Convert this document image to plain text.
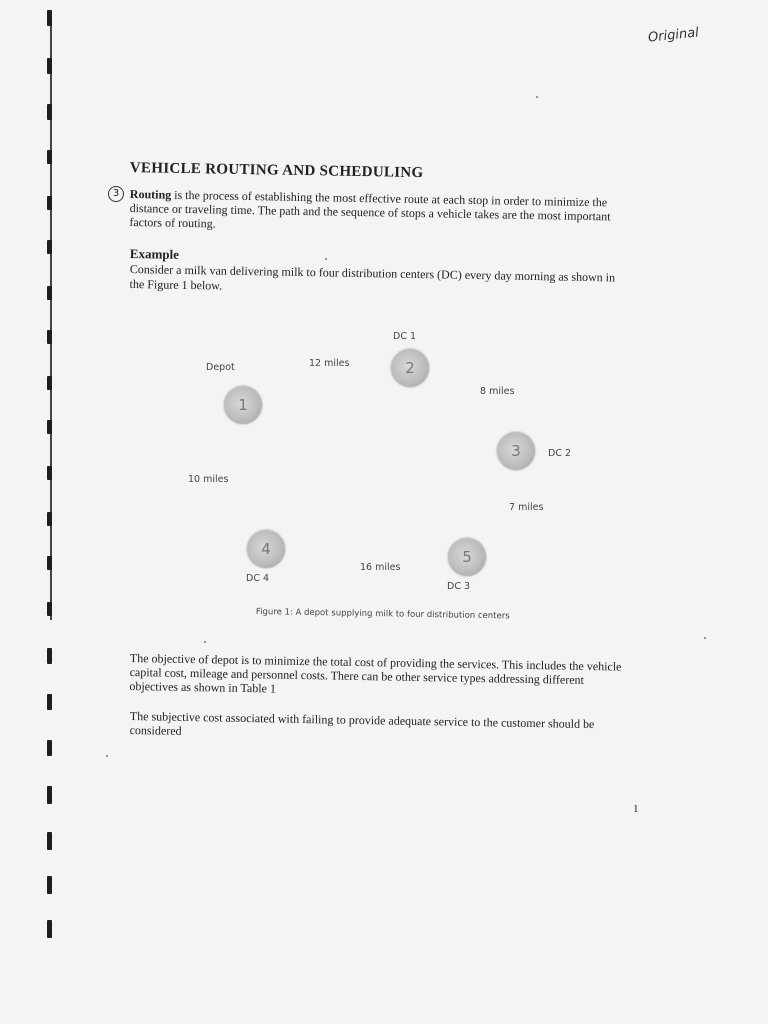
Original
VEHICLE ROUTING AND SCHEDULING
3 Routing is the process of establishing the most effective route at each stop in order to minimize the distance or traveling time. The path and the sequence of stops a vehicle takes are the most important factors of routing.
Example
Consider a milk van delivering milk to four distribution centers (DC) every day morning as shown in the Figure 1 below.
1
Depot	2
DC 1
3	DC 2
4
DC 4
5
DC 3
12 miles
8 miles
10 miles
7 miles
16 miles
Figure 1: A depot supplying milk to four distribution centers
The objective of depot is to minimize the total cost of providing the services. This includes the vehicle capital cost, mileage and personnel costs. There can be other service types addressing different objectives as shown in Table 1
The subjective cost associated with failing to provide adequate service to the customer should be considered
1
